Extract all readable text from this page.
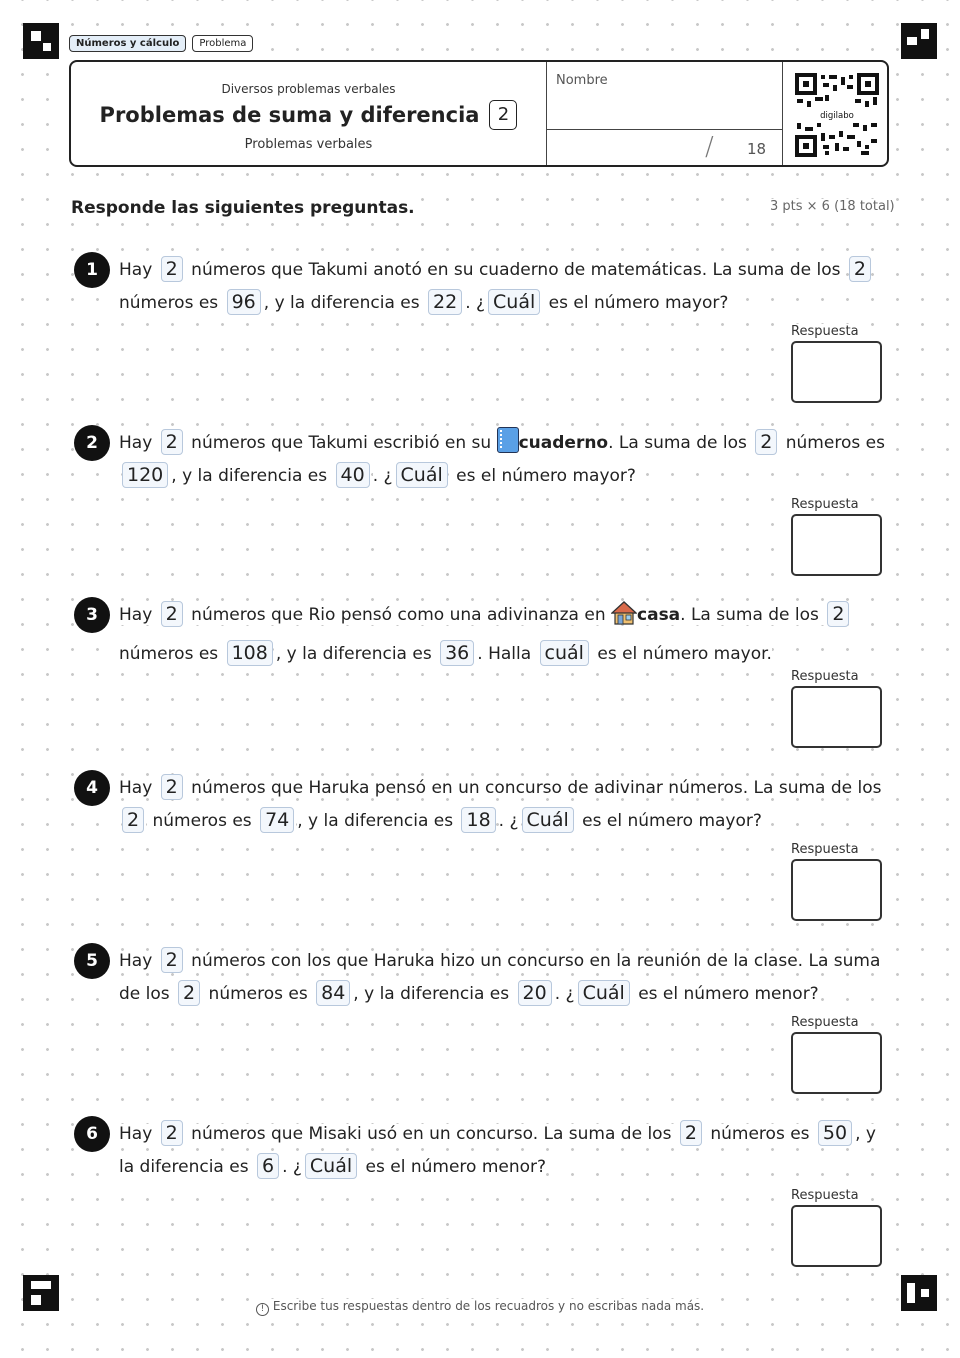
Números y cálculo	Problema
Diversos problemas verbales
Problemas de suma y diferencia	2
Problemas verbales
Nombre
/ 18
digilabo
Responde las siguientes preguntas.	3 pts × 6 (18 total)
1	Hay 2 números que Takumi anotó en su cuaderno de matemáticas. La suma de los 2 números es 96 , y la diferencia es 22 . ¿ Cuál es el número mayor?
Respuesta
2	Hay 2 números que Takumi escribió en su cuaderno. La suma de los 2 números es 120 , y la diferencia es 40 . ¿ Cuál es el número mayor?
Respuesta
3	Hay 2 números que Rio pensó como una adivinanza en casa. La suma de los 2 números es 108 , y la diferencia es 36 . Halla cuál es el número mayor.
Respuesta
4	Hay 2 números que Haruka pensó en un concurso de adivinar números. La suma de los 2 números es 74 , y la diferencia es 18 . ¿ Cuál es el número mayor?
Respuesta
5	Hay 2 números con los que Haruka hizo un concurso en la reunión de la clase. La suma de los 2 números es 84 , y la diferencia es 20 . ¿ Cuál es el número menor?
Respuesta
6	Hay 2 números que Misaki usó en un concurso. La suma de los 2 números es 50 , y la diferencia es 6 . ¿ Cuál es el número menor?
Respuesta
! Escribe tus respuestas dentro de los recuadros y no escribas nada más.
